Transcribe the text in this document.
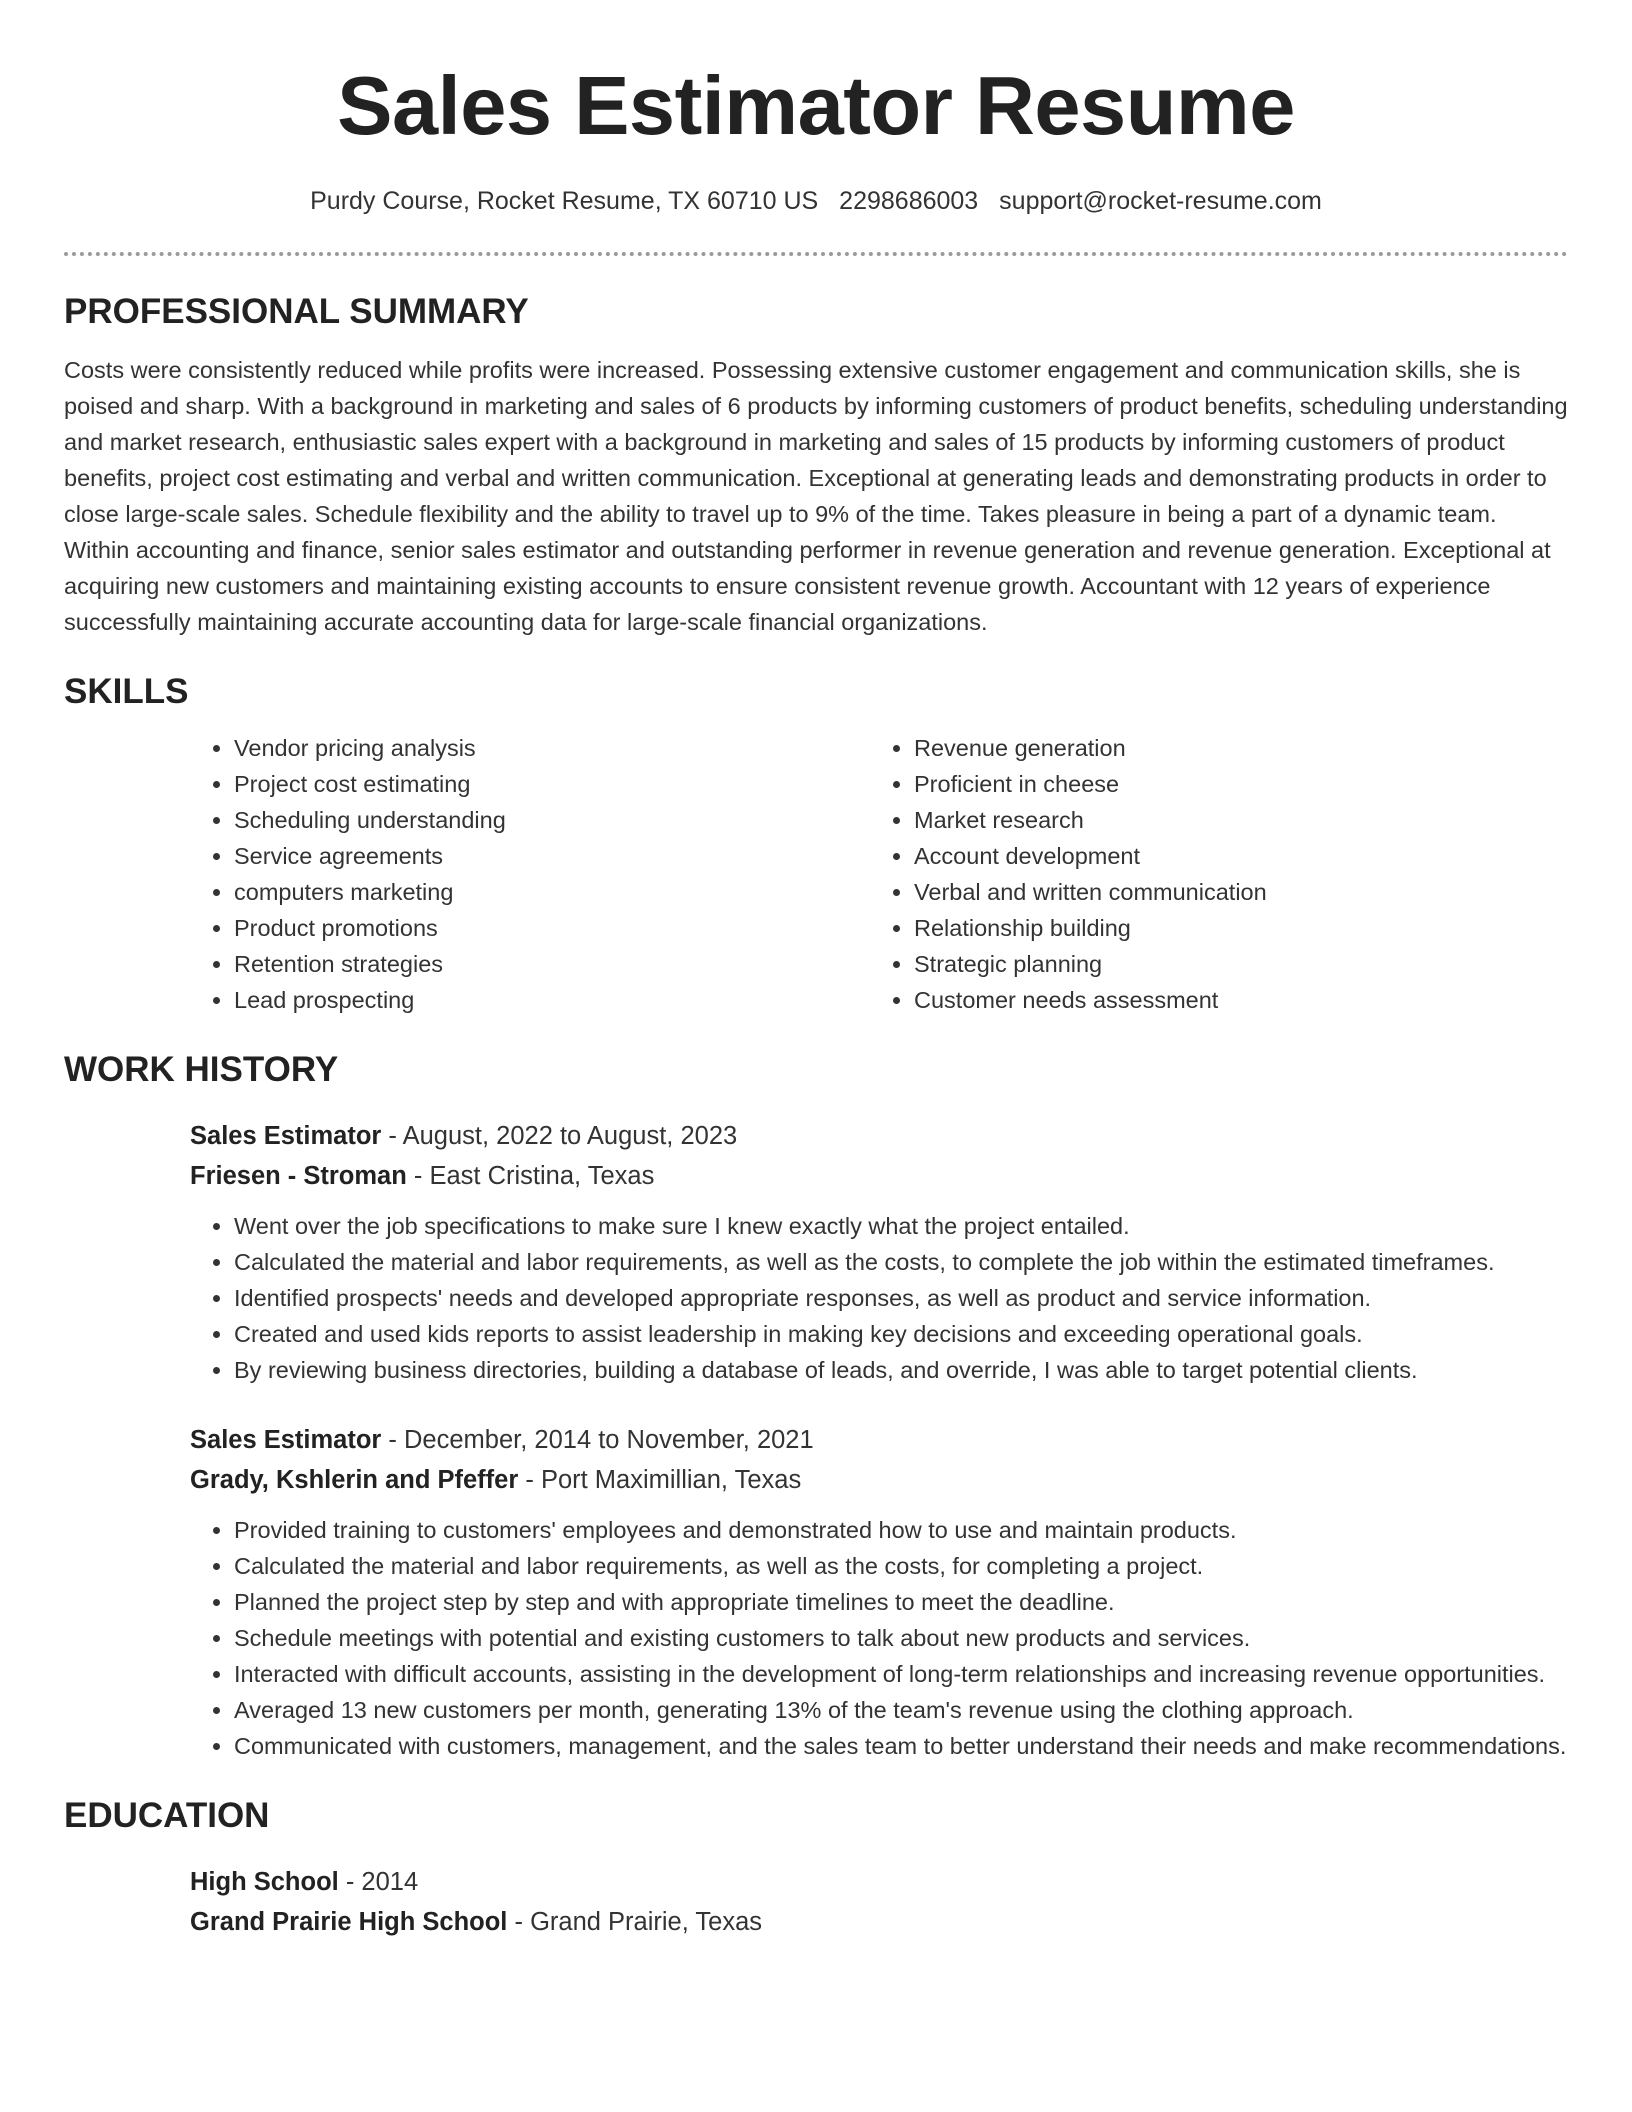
Sales Estimator Resume
Purdy Course, Rocket Resume, TX 60710 US 2298686003 support@rocket-resume.com
PROFESSIONAL SUMMARY

Costs were consistently reduced while profits were increased. Possessing extensive customer engagement and communication skills, she is poised and sharp. With a background in marketing and sales of 6 products by informing customers of product benefits, scheduling understanding and market research, enthusiastic sales expert with a background in marketing and sales of 15 products by informing customers of product benefits, project cost estimating and verbal and written communication. Exceptional at generating leads and demonstrating products in order to close large-scale sales. Schedule flexibility and the ability to travel up to 9% of the time. Takes pleasure in being a part of a dynamic team. Within accounting and finance, senior sales estimator and outstanding performer in revenue generation and revenue generation. Exceptional at acquiring new customers and maintaining existing accounts to ensure consistent revenue growth. Accountant with 12 years of experience successfully maintaining accurate accounting data for large-scale financial organizations.

SKILLS
• Vendor pricing analysis
• Project cost estimating
• Scheduling understanding
• Service agreements
• computers marketing
• Product promotions
• Retention strategies
• Lead prospecting
• Revenue generation
• Proficient in cheese
• Market research
• Account development
• Verbal and written communication
• Relationship building
• Strategic planning
• Customer needs assessment
WORK HISTORY
Sales Estimator - August, 2022 to August, 2023
Friesen - Stroman - East Cristina, Texas
• Went over the job specifications to make sure I knew exactly what the project entailed.
• Calculated the material and labor requirements, as well as the costs, to complete the job within the estimated timeframes.
• Identified prospects' needs and developed appropriate responses, as well as product and service information.
• Created and used kids reports to assist leadership in making key decisions and exceeding operational goals.
• By reviewing business directories, building a database of leads, and override, I was able to target potential clients.
Sales Estimator - December, 2014 to November, 2021
Grady, Kshlerin and Pfeffer - Port Maximillian, Texas
• Provided training to customers' employees and demonstrated how to use and maintain products.
• Calculated the material and labor requirements, as well as the costs, for completing a project.
• Planned the project step by step and with appropriate timelines to meet the deadline.
• Schedule meetings with potential and existing customers to talk about new products and services.
• Interacted with difficult accounts, assisting in the development of long-term relationships and increasing revenue opportunities.
• Averaged 13 new customers per month, generating 13% of the team's revenue using the clothing approach.
• Communicated with customers, management, and the sales team to better understand their needs and make recommendations.
EDUCATION
High School - 2014
Grand Prairie High School - Grand Prairie, Texas
